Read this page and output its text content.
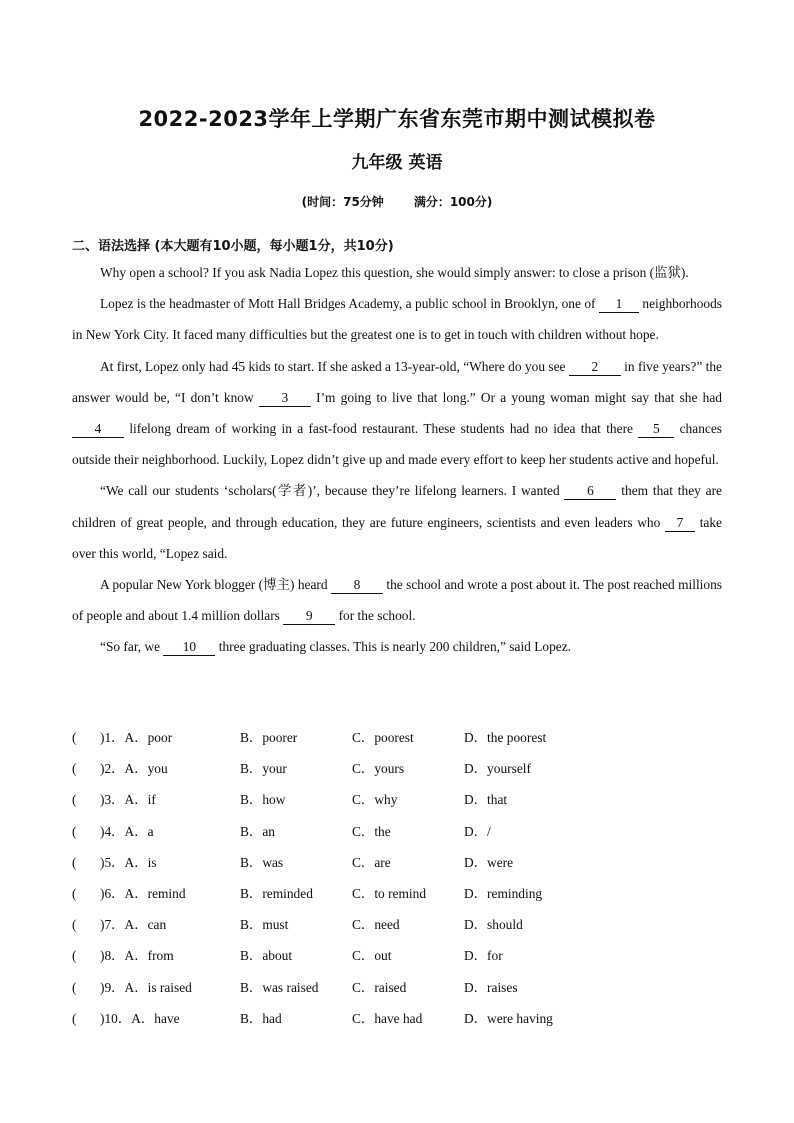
2022-2023学年上学期广东省东莞市期中测试模拟卷
九年级 英语
(时间：75分钟	满分：100分)
二、语法选择 (本大题有10小题，每小题1分，共10分)

Why open a school? If you ask Nadia Lopez this question, she would simply answer: to close a prison (监狱).

Lopez is the headmaster of Mott Hall Bridges Academy, a public school in Brooklyn, one of 1 neighborhoods in New York City. It faced many difficulties but the greatest one is to get in touch with children without hope.

At first, Lopez only had 45 kids to start. If she asked a 13-year-old, “Where do you see 2 in five years?” the answer would be, “I don’t know 3 I’m going to live that long.” Or a young woman might say that she had 4 lifelong dream of working in a fast-food restaurant. These students had no idea that there 5 chances outside their neighborhood. Luckily, Lopez didn’t give up and made every effort to keep her students active and hopeful.

“We call our students ‘scholars(学者)’, because they’re lifelong learners. I wanted 6 them that they are children of great people, and through education, they are future engineers, scientists and even leaders who 7 take over this world, “Lopez said.

A popular New York blogger (博主) heard 8 the school and wrote a post about it. The post reached millions of people and about 1.4 million dollars 9 for the school.

“So far, we 10 three graduating classes. This is nearly 200 children,” said Lopez.

( )1．A．poor	B．poorer	C．poorest	D．the poorest
( )2．A．you	B．your	C．yours	D．yourself
( )3．A．if	B．how	C．why	D．that
( )4．A．a	B．an	C．the	D．/
( )5．A．is	B．was	C．are	D．were
( )6．A．remind	B．reminded	C．to remind	D．reminding
( )7．A．can	B．must	C．need	D．should
( )8．A．from	B．about	C．out	D．for
( )9．A．is raised	B．was raised	C．raised	D．raises
( )10．A．have	B．had	C．have had	D．were having
